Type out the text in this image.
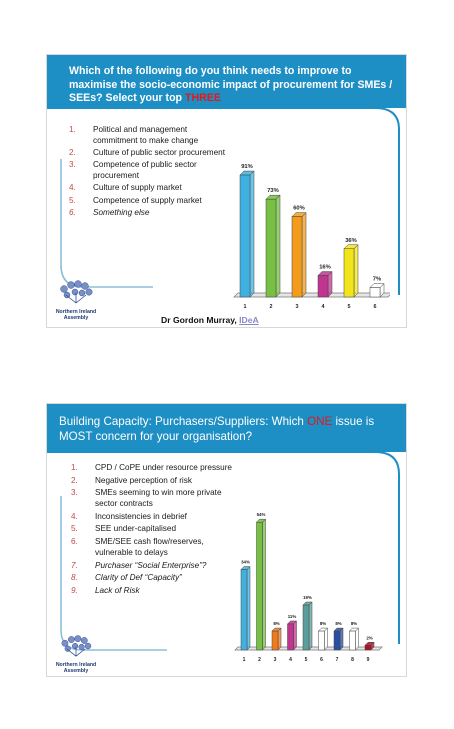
Which of the following do you think needs to improve to maximise the socio-economic impact of procurement for SMEs / SEEs? Select your top THREE
1. Political and management commitment to make change
2. Culture of public sector procurement
3. Competence of public sector procurement
4. Culture of supply market
5. Competence of supply market
6. Something else
91%
1
73%
2
60%
3
16%
4
36%
5
7%
6
Northern Ireland
Assembly	Dr Gordon Murray, IDeA
Building Capacity: Purchasers/Suppliers: Which ONE issue is MOST concern for your organisation?
1. CPD / CoPE under resource pressure
2. Negative perception of risk
3. SMEs seeming to win more private sector contracts
4. Inconsistencies in debrief
5. SEE under-capitalised
6. SME/SEE cash flow/reserves, vulnerable to delays
7. Purchaser “Social Enterprise”?
8. Clarity of Def “Capacity”
9. Lack of Risk
34%
1
54%
2
8%
3
11%
4
19%
5
8%
6
8%
7
8%
8
2%
9
Northern Ireland
Assembly
